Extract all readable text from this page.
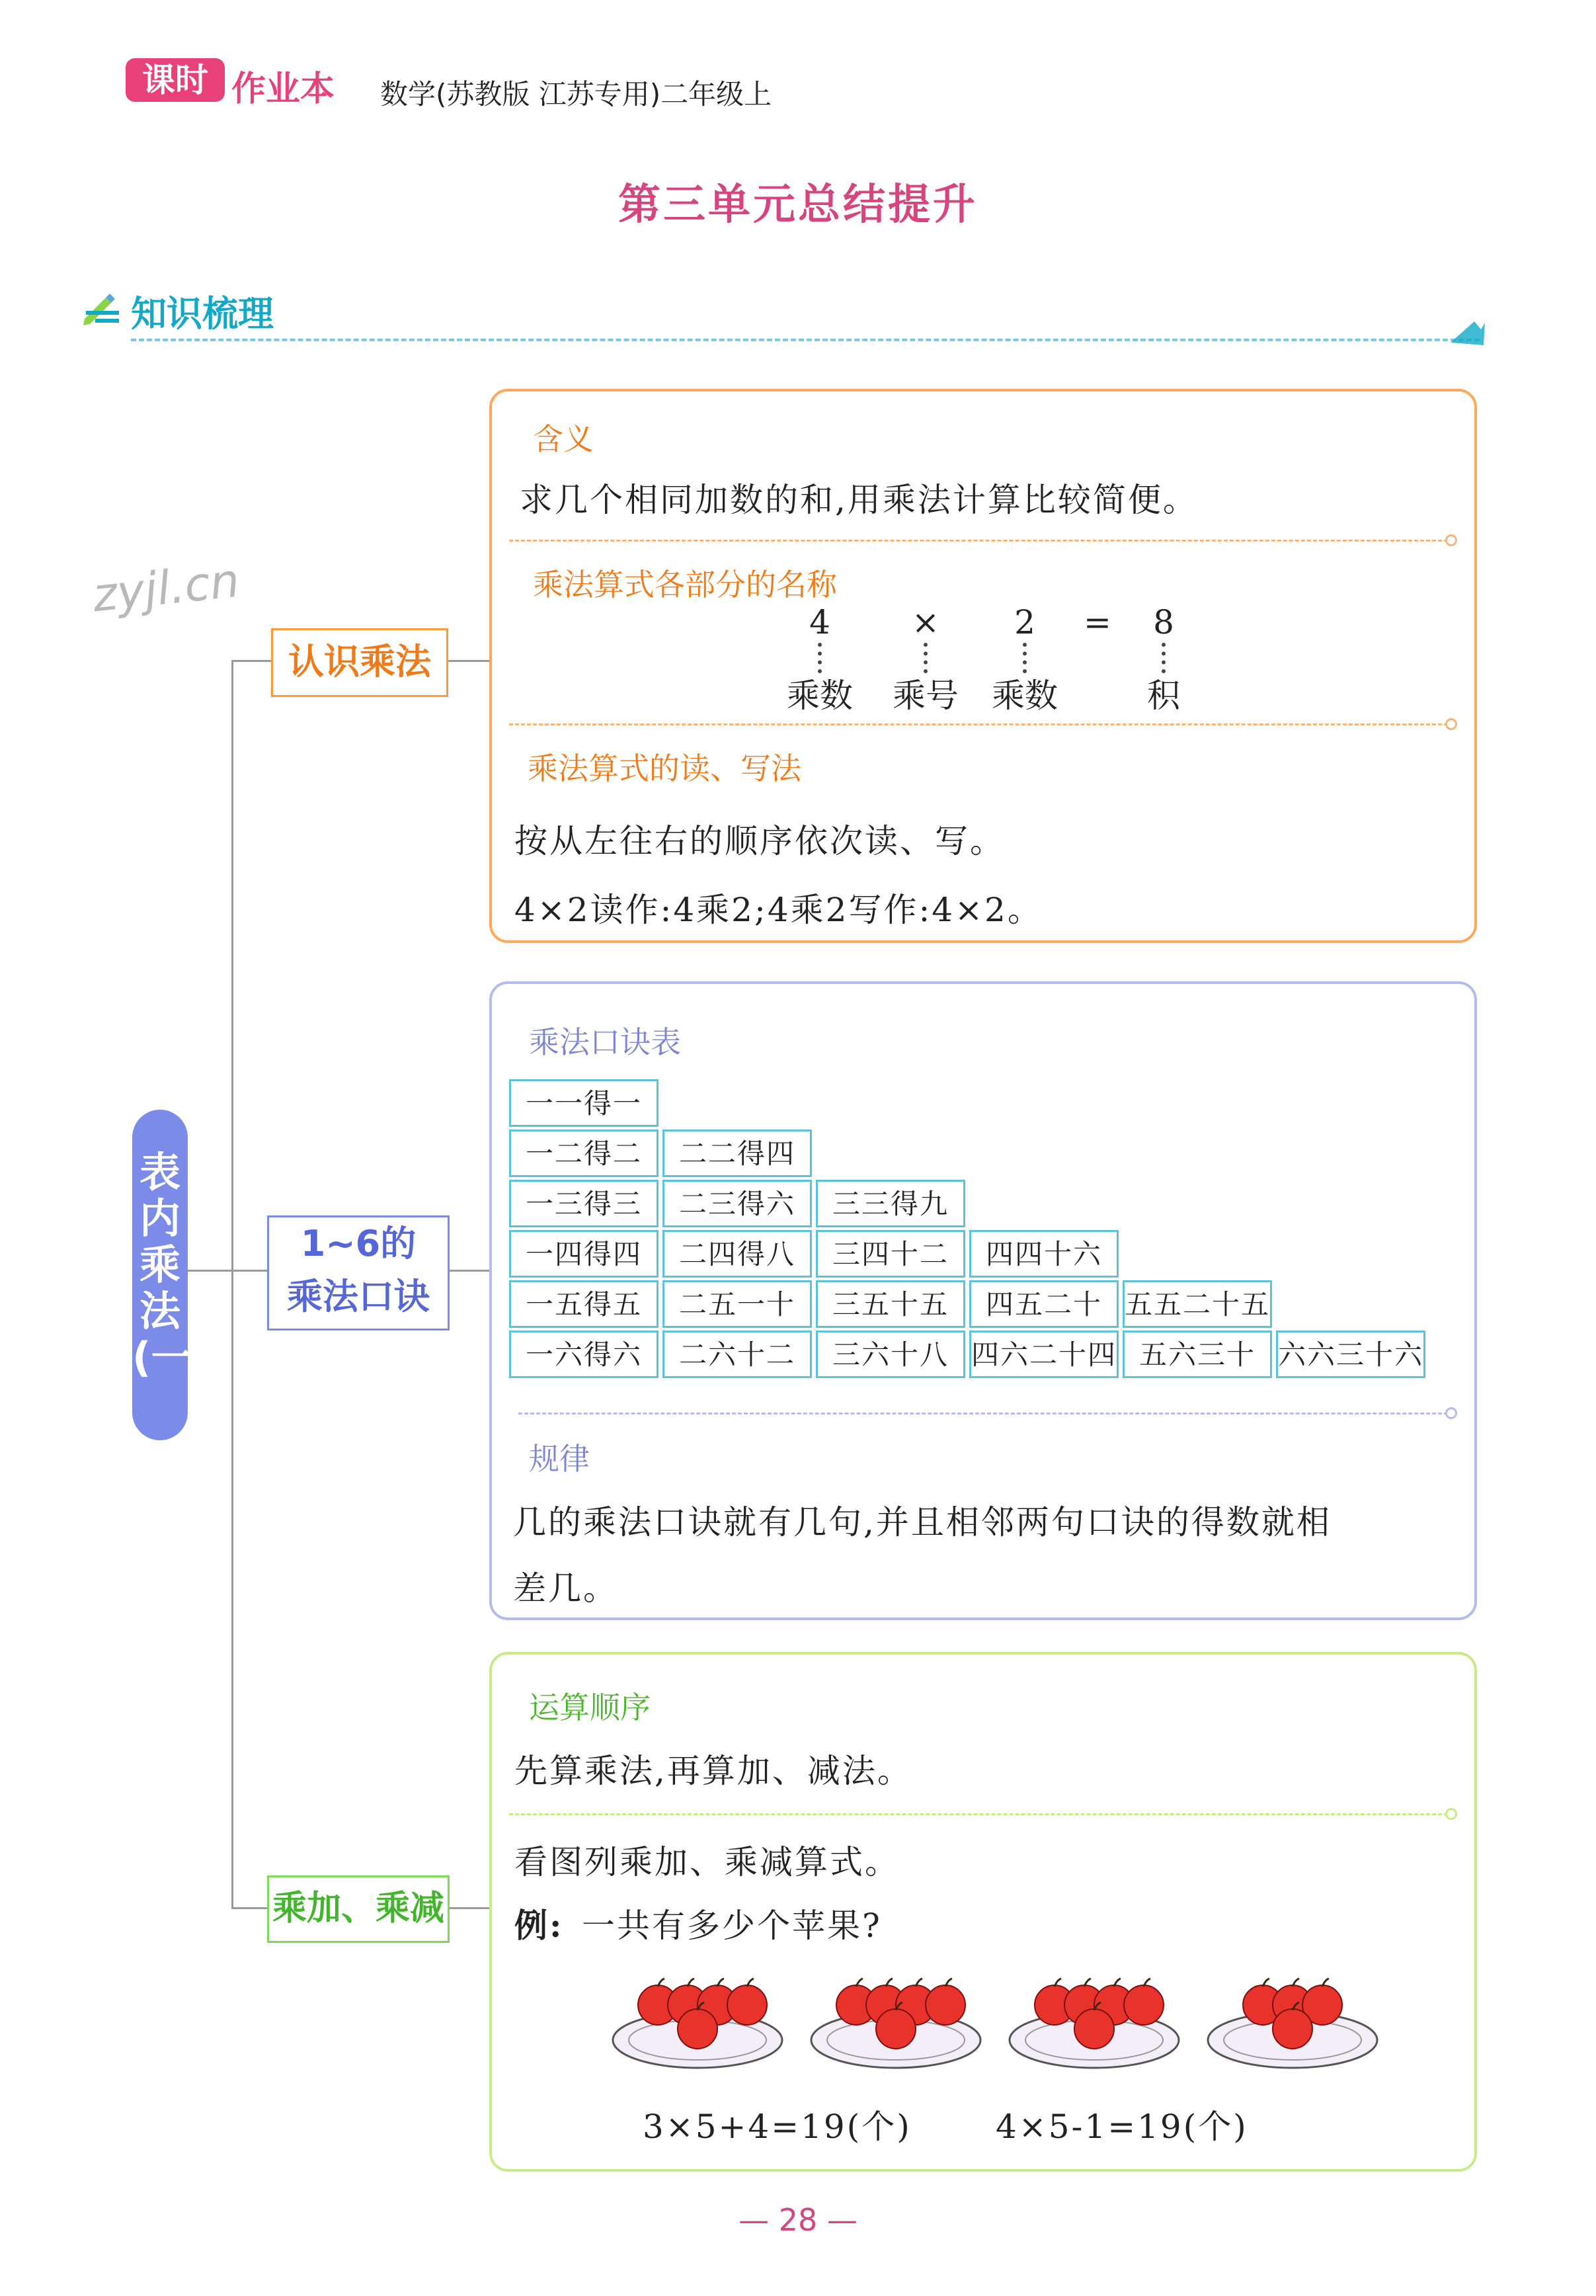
课时 作业本 数学(苏教版 江苏专用)二年级上
第三单元总结提升
知识梳理
zyjl.cn
表内乘法(一)
认识乘法
1~6的
乘法口诀
乘加、乘减
含义
求几个相同加数的和,用乘法计算比较简便。
乘法算式各部分的名称
4 × 2 = 8
乘数 乘号 乘数	积
乘法算式的读、写法
按从左往右的顺序依次读、写。
4×2读作:4乘2;4乘2写作:4×2。
乘法口诀表
一一得一
一二得二	二二得四
一三得三	二三得六	三三得九
一四得四	二四得八	三四十二	四四十六
一五得五	二五一十	三五十五	四五二十 五五二十五
一六得六	二六十二	三六十八 四六二十四 五六三十 六六三十六
规律
几的乘法口诀就有几句,并且相邻两句口诀的得数就相
差几。
运算顺序
先算乘法,再算加、减法。
看图列乘加、乘减算式。
例: 一共有多少个苹果?
3×5+4=19(个)	4×5-1=19(个)
— 28 —
